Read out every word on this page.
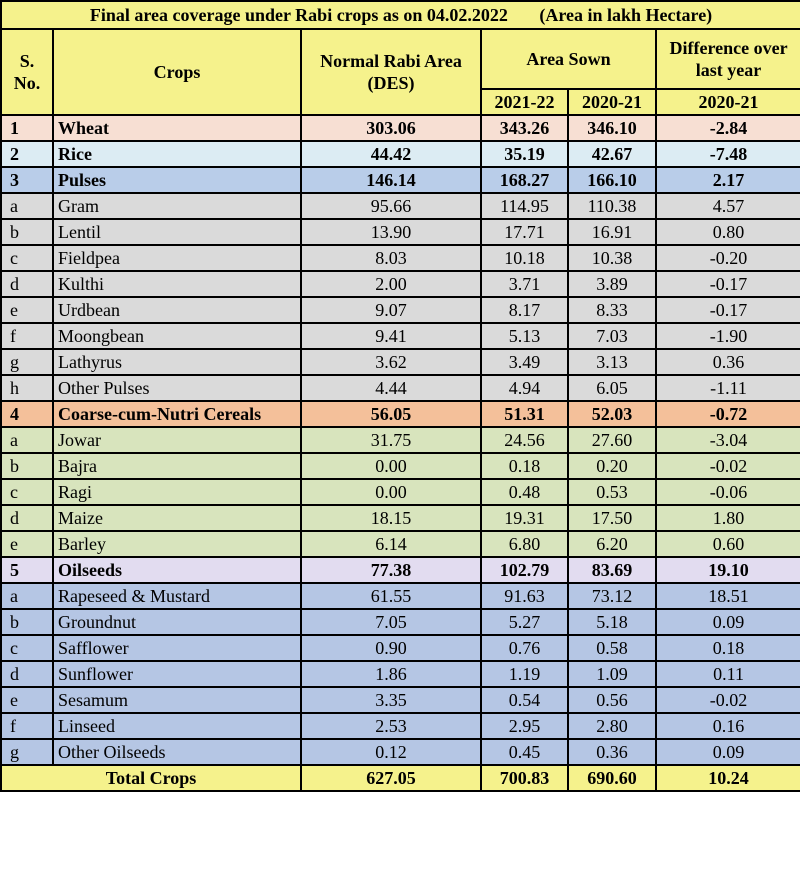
Final area coverage under Rabi crops as on 04.02.2022 (Area in lakh Hectare)					
S. No.	Crops	Normal Rabi Area (DES)	Area Sown		Difference over last year
			2021-22	2020-21	2020-21
1	Wheat	303.06	343.26	346.10	-2.84
2	Rice	44.42	35.19	42.67	-7.48
3	Pulses	146.14	168.27	166.10	2.17
a	Gram	95.66	114.95	110.38	4.57
b	Lentil	13.90	17.71	16.91	0.80
c	Fieldpea	8.03	10.18	10.38	-0.20
d	Kulthi	2.00	3.71	3.89	-0.17
e	Urdbean	9.07	8.17	8.33	-0.17
f	Moongbean	9.41	5.13	7.03	-1.90
g	Lathyrus	3.62	3.49	3.13	0.36
h	Other Pulses	4.44	4.94	6.05	-1.11
4	Coarse-cum-Nutri Cereals	56.05	51.31	52.03	-0.72
a	Jowar	31.75	24.56	27.60	-3.04
b	Bajra	0.00	0.18	0.20	-0.02
c	Ragi	0.00	0.48	0.53	-0.06
d	Maize	18.15	19.31	17.50	1.80
e	Barley	6.14	6.80	6.20	0.60
5	Oilseeds	77.38	102.79	83.69	19.10
a	Rapeseed & Mustard	61.55	91.63	73.12	18.51
b	Groundnut	7.05	5.27	5.18	0.09
c	Safflower	0.90	0.76	0.58	0.18
d	Sunflower	1.86	1.19	1.09	0.11
e	Sesamum	3.35	0.54	0.56	-0.02
f	Linseed	2.53	2.95	2.80	0.16
g	Other Oilseeds	0.12	0.45	0.36	0.09
Total Crops		627.05	700.83	690.60	10.24
